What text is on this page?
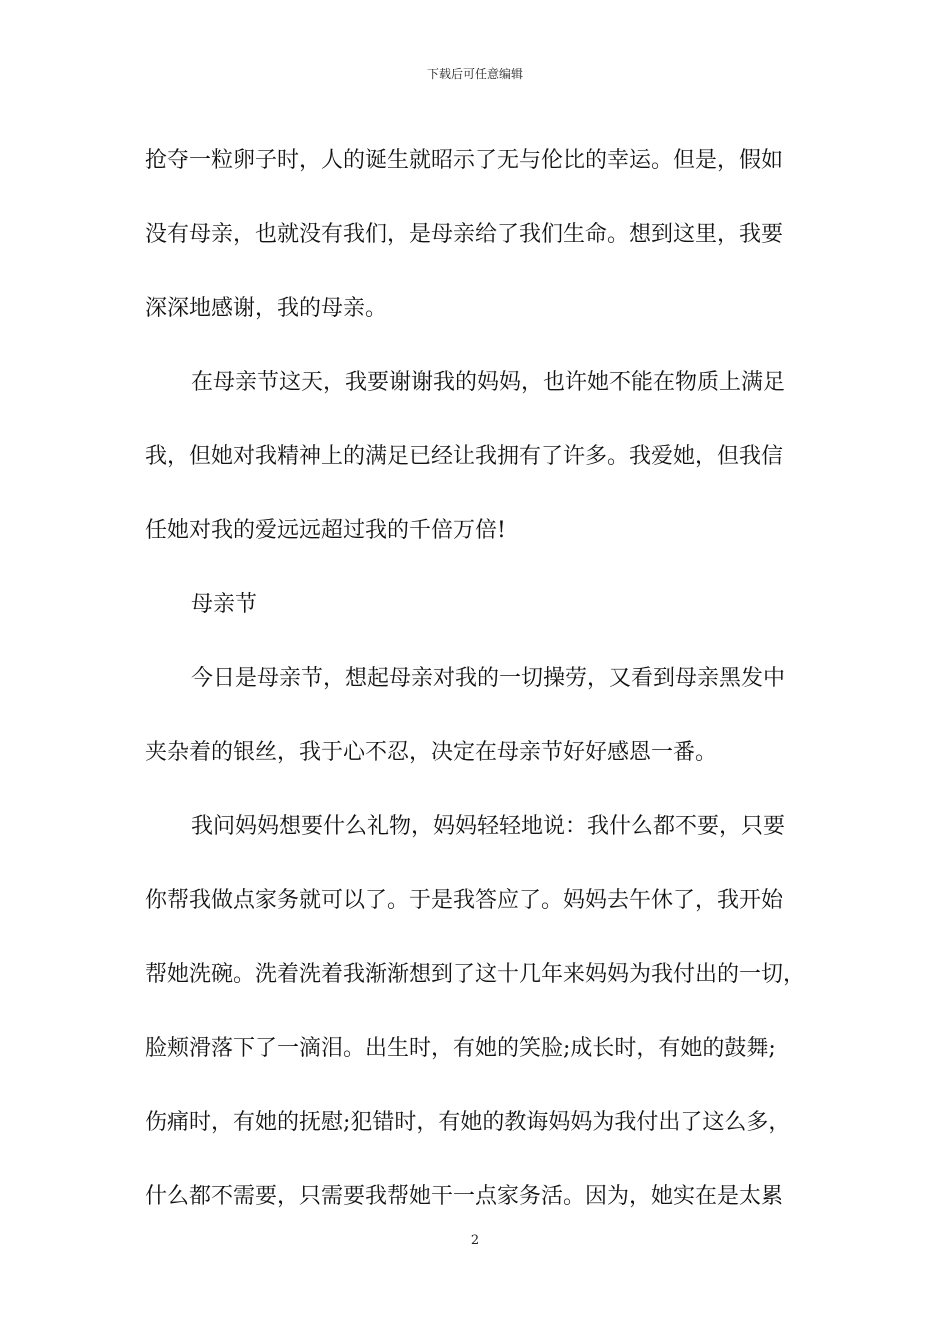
下载后可任意编辑
抢夺一粒卵子时，人的诞生就昭示了无与伦比的幸运。但是，假如
没有母亲，也就没有我们，是母亲给了我们生命。想到这里，我要
深深地感谢，我的母亲。
在母亲节这天，我要谢谢我的妈妈，也许她不能在物质上满足
我，但她对我精神上的满足已经让我拥有了许多。我爱她，但我信
任她对我的爱远远超过我的千倍万倍!
母亲节
今日是母亲节，想起母亲对我的一切操劳，又看到母亲黑发中
夹杂着的银丝，我于心不忍，决定在母亲节好好感恩一番。
我问妈妈想要什么礼物，妈妈轻轻地说：我什么都不要，只要
你帮我做点家务就可以了。于是我答应了。妈妈去午休了，我开始
帮她洗碗。洗着洗着我渐渐想到了这十几年来妈妈为我付出的一切，
脸颊滑落下了一滴泪。出生时，有她的笑脸;成长时，有她的鼓舞;
伤痛时，有她的抚慰;犯错时，有她的教诲妈妈为我付出了这么多，
什么都不需要，只需要我帮她干一点家务活。因为，她实在是太累
2
